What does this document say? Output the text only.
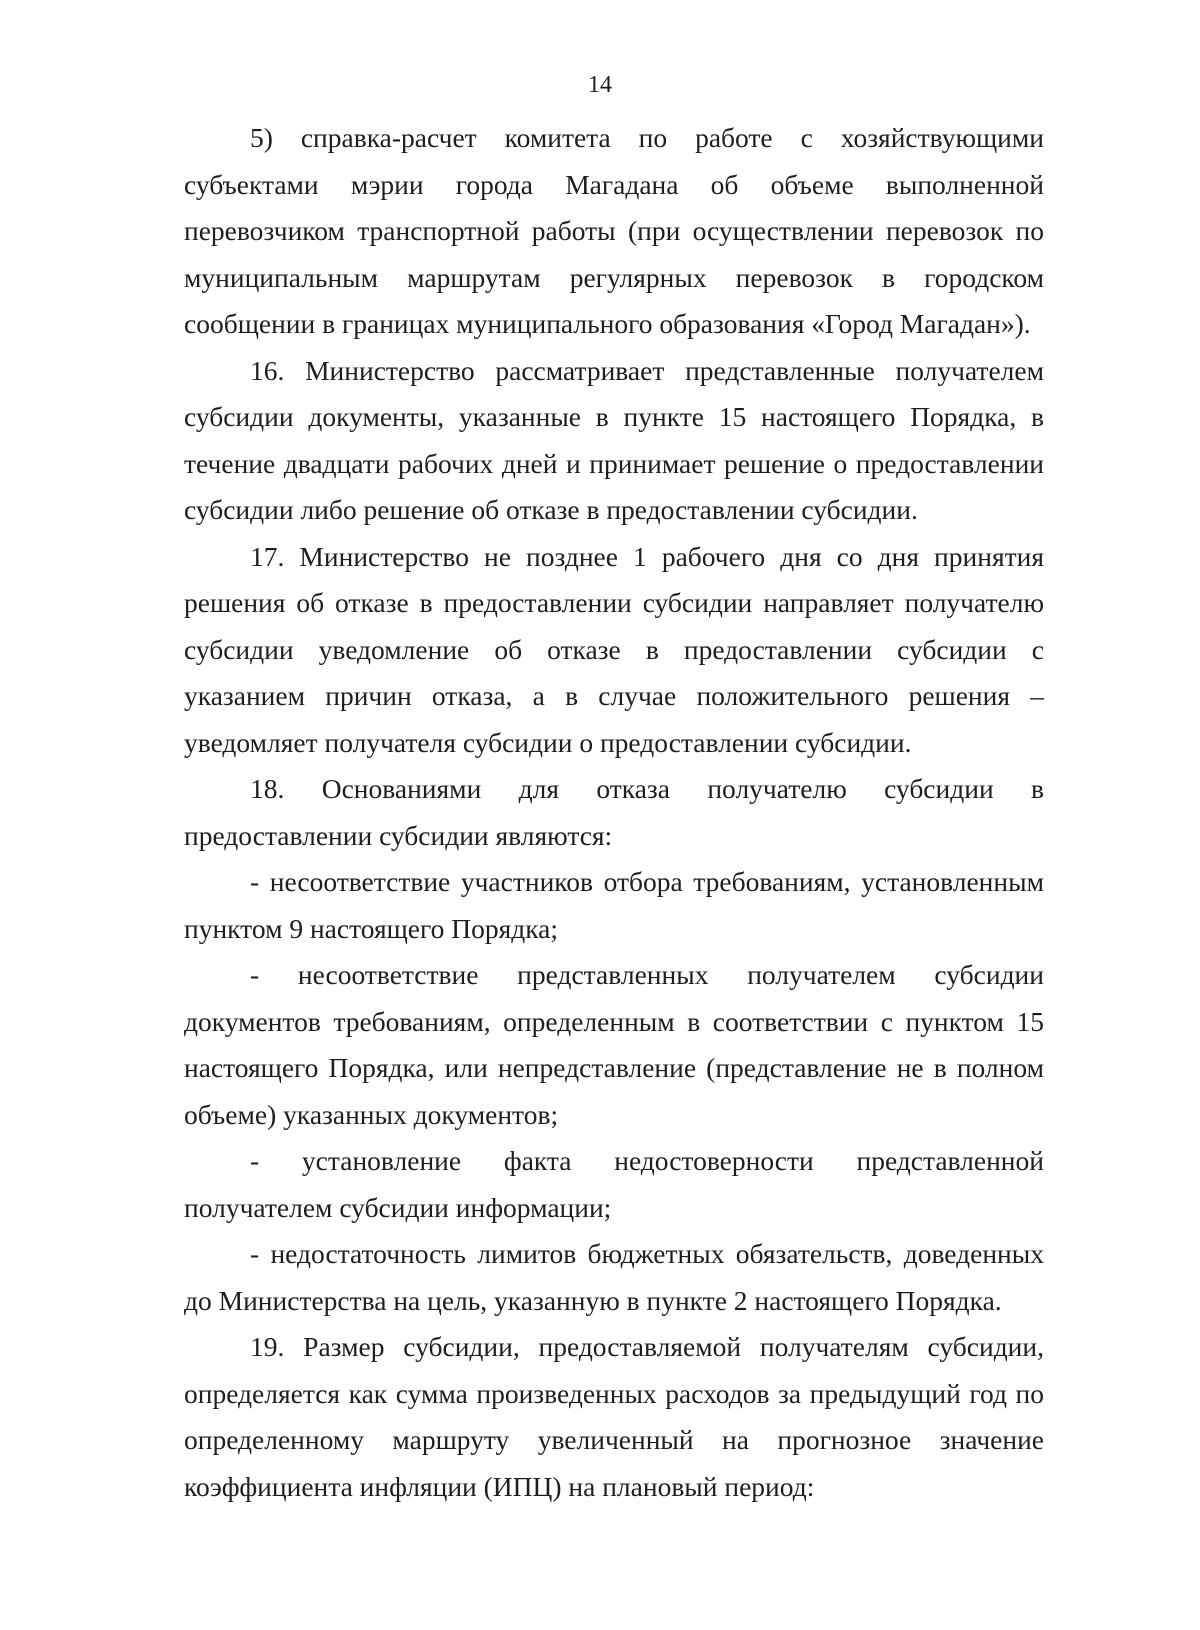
14

5) справка-расчет комитета по работе с хозяйствующими субъектами мэрии города Магадана об объеме выполненной перевозчиком транспортной работы (при осуществлении перевозок по муниципальным маршрутам регулярных перевозок в городском сообщении в границах муниципального образования «Город Магадан»).

16. Министерство рассматривает представленные получателем субсидии документы, указанные в пункте 15 настоящего Порядка, в течение двадцати рабочих дней и принимает решение о предоставлении субсидии либо решение об отказе в предоставлении субсидии.

17. Министерство не позднее 1 рабочего дня со дня принятия решения об отказе в предоставлении субсидии направляет получателю субсидии уведомление об отказе в предоставлении субсидии с указанием причин отказа, а в случае положительного решения – уведомляет получателя субсидии о предоставлении субсидии.

18. Основаниями для отказа получателю субсидии в предоставлении субсидии являются:

- несоответствие участников отбора требованиям, установленным пунктом 9 настоящего Порядка;

- несоответствие представленных получателем субсидии документов требованиям, определенным в соответствии с пунктом 15 настоящего Порядка, или непредставление (представление не в полном объеме) указанных документов;

- установление факта недостоверности представленной получателем субсидии информации;

- недостаточность лимитов бюджетных обязательств, доведенных до Министерства на цель, указанную в пункте 2 настоящего Порядка.

19. Размер субсидии, предоставляемой получателям субсидии, определяется как сумма произведенных расходов за предыдущий год по определенному маршруту увеличенный на прогнозное значение коэффициента инфляции (ИПЦ) на плановый период:
